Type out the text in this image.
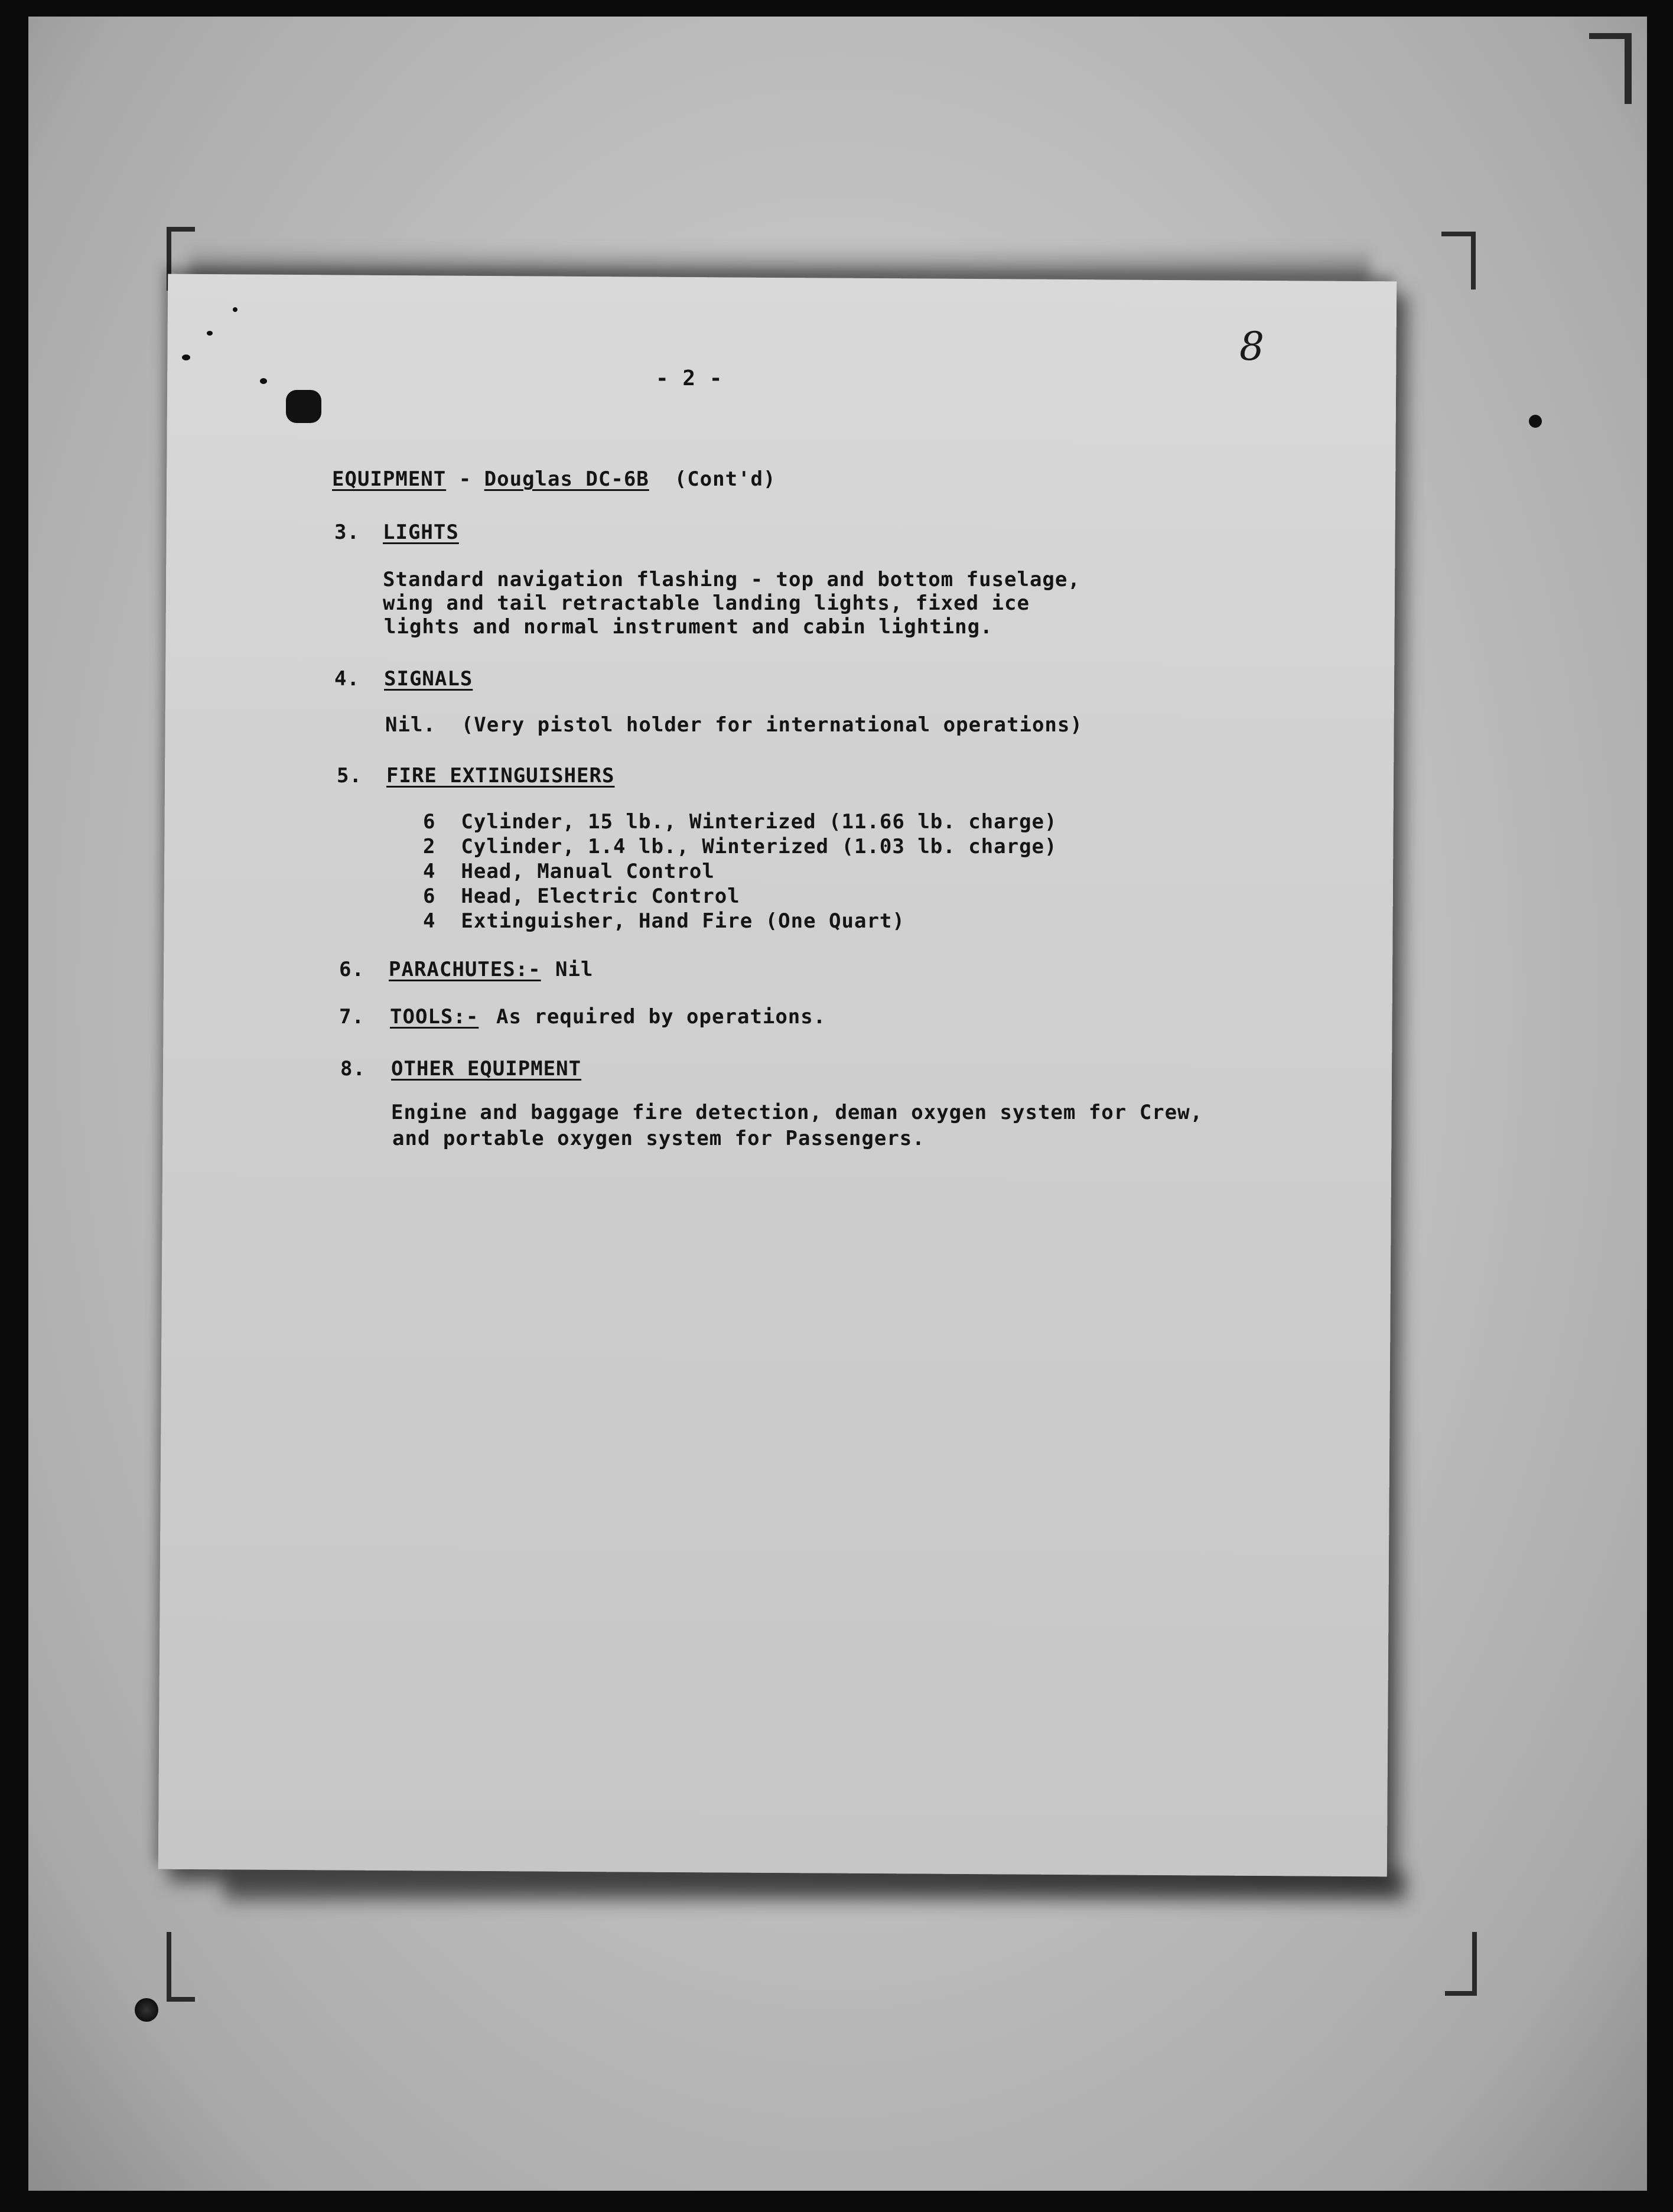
8
- 2 -
EQUIPMENT - Douglas DC-6B (Cont'd)
3. LIGHTS
Standard navigation flashing - top and bottom fuselage,
wing and tail retractable landing lights, fixed ice
lights and normal instrument and cabin lighting.
4. SIGNALS
Nil.  (Very pistol holder for international operations)
5. FIRE EXTINGUISHERS
6  Cylinder, 15 lb., Winterized (11.66 lb. charge)
2  Cylinder, 1.4 lb., Winterized (1.03 lb. charge)
4  Head, Manual Control
6  Head, Electric Control
4  Extinguisher, Hand Fire (One Quart)
6. PARACHUTES:- Nil
7. TOOLS:- As required by operations.
8. OTHER EQUIPMENT
Engine and baggage fire detection, deman oxygen system for Crew,
and portable oxygen system for Passengers.
